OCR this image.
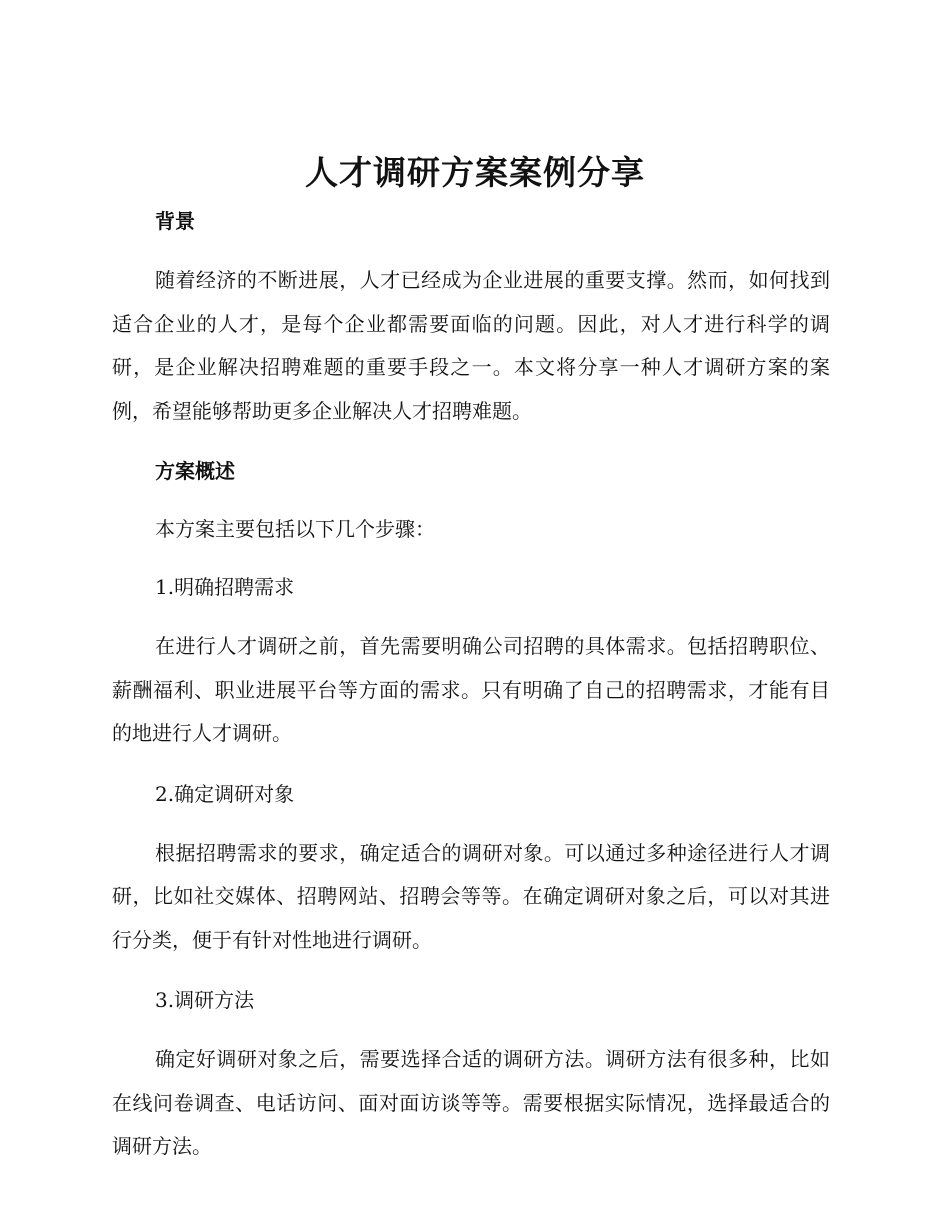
人才调研方案案例分享

背景

随着经济的不断进展，人才已经成为企业进展的重要支撑。然而，如何找到适合企业的人才，是每个企业都需要面临的问题。因此，对人才进行科学的调研，是企业解决招聘难题的重要手段之一。本文将分享一种人才调研方案的案例，希望能够帮助更多企业解决人才招聘难题。

方案概述

本方案主要包括以下几个步骤：

1.明确招聘需求

在进行人才调研之前，首先需要明确公司招聘的具体需求。包括招聘职位、薪酬福利、职业进展平台等方面的需求。只有明确了自己的招聘需求，才能有目的地进行人才调研。

2.确定调研对象

根据招聘需求的要求，确定适合的调研对象。可以通过多种途径进行人才调研，比如社交媒体、招聘网站、招聘会等等。在确定调研对象之后，可以对其进行分类，便于有针对性地进行调研。

3.调研方法

确定好调研对象之后，需要选择合适的调研方法。调研方法有很多种，比如在线问卷调查、电话访问、面对面访谈等等。需要根据实际情况，选择最适合的调研方法。
